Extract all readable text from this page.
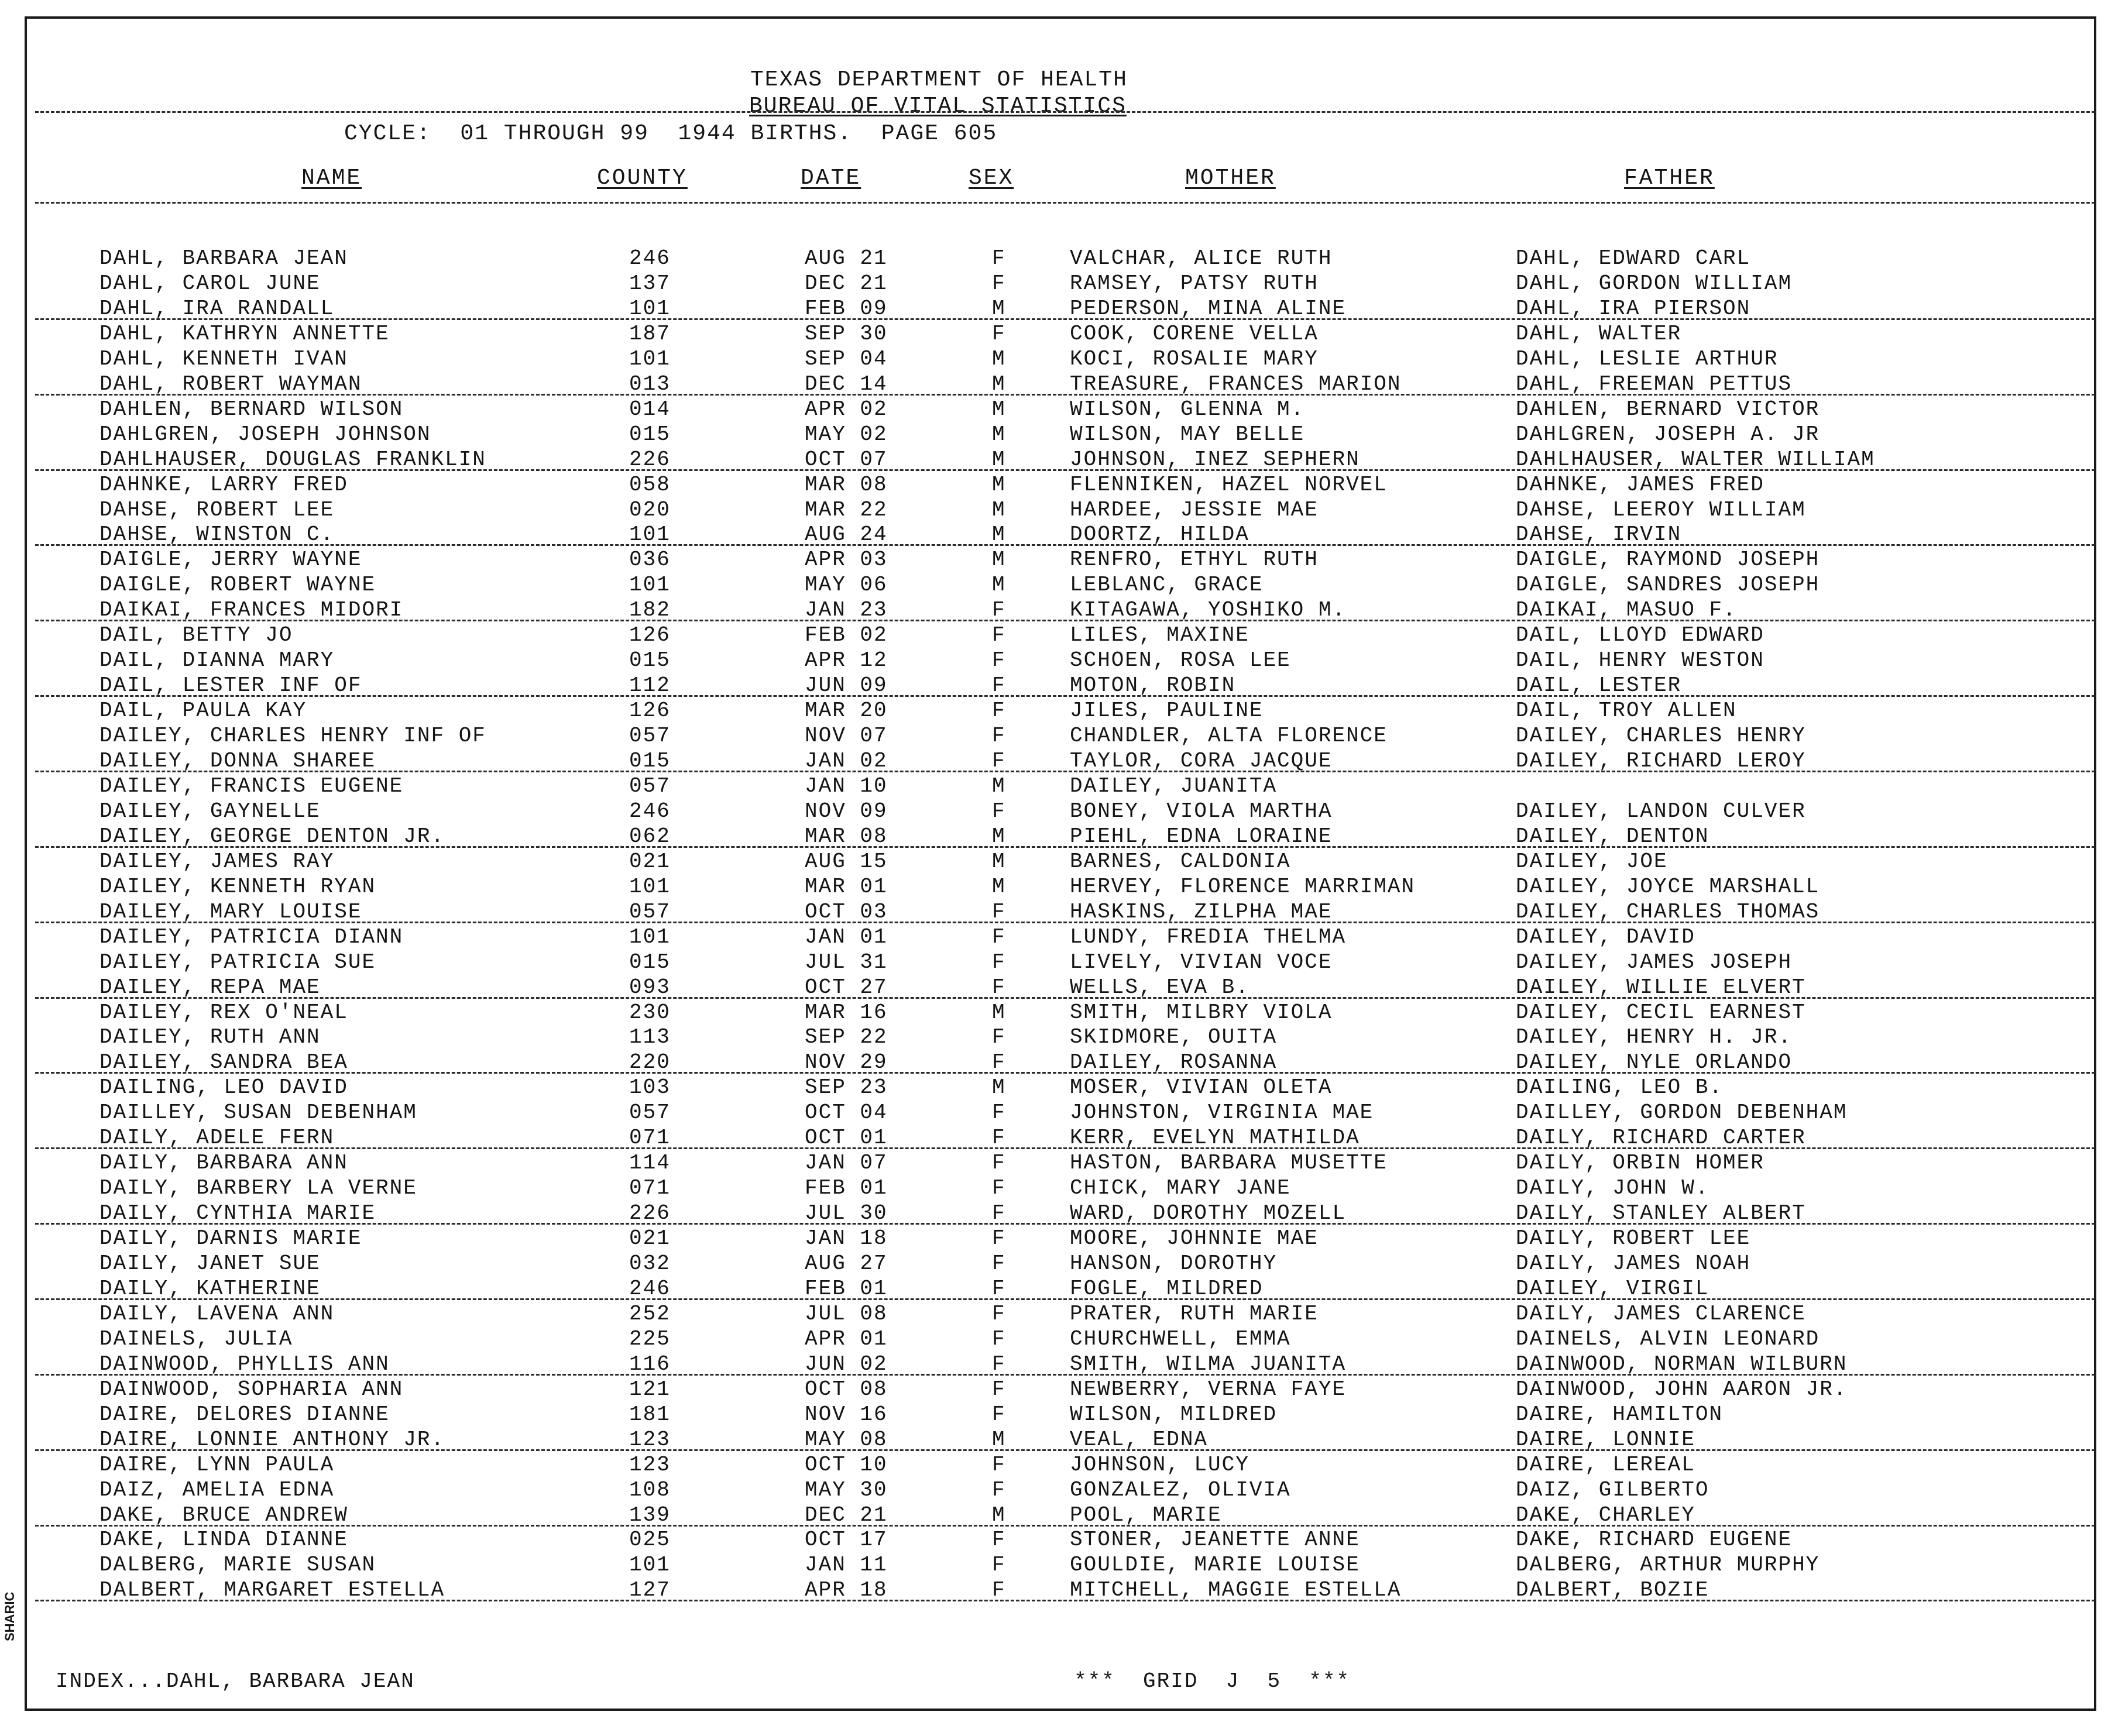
TEXAS DEPARTMENT OF HEALTH
BUREAU OF VITAL STATISTICS
CYCLE:  01 THROUGH 99  1944 BIRTHS.  PAGE 605
NAME	COUNTY	DATE	SEX	MOTHER	FATHER
DAHL, BARBARA JEAN	246	AUG 21	F	VALCHAR, ALICE RUTH	DAHL, EDWARD CARL
DAHL, CAROL JUNE	137	DEC 21	F	RAMSEY, PATSY RUTH	DAHL, GORDON WILLIAM
DAHL, IRA RANDALL	101	FEB 09	M	PEDERSON, MINA ALINE	DAHL, IRA PIERSON
DAHL, KATHRYN ANNETTE	187	SEP 30	F	COOK, CORENE VELLA	DAHL, WALTER
DAHL, KENNETH IVAN	101	SEP 04	M	KOCI, ROSALIE MARY	DAHL, LESLIE ARTHUR
DAHL, ROBERT WAYMAN	013	DEC 14	M	TREASURE, FRANCES MARION	DAHL, FREEMAN PETTUS
DAHLEN, BERNARD WILSON	014	APR 02	M	WILSON, GLENNA M.	DAHLEN, BERNARD VICTOR
DAHLGREN, JOSEPH JOHNSON	015	MAY 02	M	WILSON, MAY BELLE	DAHLGREN, JOSEPH A. JR
DAHLHAUSER, DOUGLAS FRANKLIN	226	OCT 07	M	JOHNSON, INEZ SEPHERN	DAHLHAUSER, WALTER WILLIAM
DAHNKE, LARRY FRED	058	MAR 08	M	FLENNIKEN, HAZEL NORVEL	DAHNKE, JAMES FRED
DAHSE, ROBERT LEE	020	MAR 22	M	HARDEE, JESSIE MAE	DAHSE, LEEROY WILLIAM
DAHSE, WINSTON C.	101	AUG 24	M	DOORTZ, HILDA	DAHSE, IRVIN
DAIGLE, JERRY WAYNE	036	APR 03	M	RENFRO, ETHYL RUTH	DAIGLE, RAYMOND JOSEPH
DAIGLE, ROBERT WAYNE	101	MAY 06	M	LEBLANC, GRACE	DAIGLE, SANDRES JOSEPH
DAIKAI, FRANCES MIDORI	182	JAN 23	F	KITAGAWA, YOSHIKO M.	DAIKAI, MASUO F.
DAIL, BETTY JO	126	FEB 02	F	LILES, MAXINE	DAIL, LLOYD EDWARD
DAIL, DIANNA MARY	015	APR 12	F	SCHOEN, ROSA LEE	DAIL, HENRY WESTON
DAIL, LESTER INF OF	112	JUN 09	F	MOTON, ROBIN	DAIL, LESTER
DAIL, PAULA KAY	126	MAR 20	F	JILES, PAULINE	DAIL, TROY ALLEN
DAILEY, CHARLES HENRY INF OF	057	NOV 07	F	CHANDLER, ALTA FLORENCE	DAILEY, CHARLES HENRY
DAILEY, DONNA SHAREE	015	JAN 02	F	TAYLOR, CORA JACQUE	DAILEY, RICHARD LEROY
DAILEY, FRANCIS EUGENE	057	JAN 10	M	DAILEY, JUANITA
DAILEY, GAYNELLE	246	NOV 09	F	BONEY, VIOLA MARTHA	DAILEY, LANDON CULVER
DAILEY, GEORGE DENTON JR.	062	MAR 08	M	PIEHL, EDNA LORAINE	DAILEY, DENTON
DAILEY, JAMES RAY	021	AUG 15	M	BARNES, CALDONIA	DAILEY, JOE
DAILEY, KENNETH RYAN	101	MAR 01	M	HERVEY, FLORENCE MARRIMAN	DAILEY, JOYCE MARSHALL
DAILEY, MARY LOUISE	057	OCT 03	F	HASKINS, ZILPHA MAE	DAILEY, CHARLES THOMAS
DAILEY, PATRICIA DIANN	101	JAN 01	F	LUNDY, FREDIA THELMA	DAILEY, DAVID
DAILEY, PATRICIA SUE	015	JUL 31	F	LIVELY, VIVIAN VOCE	DAILEY, JAMES JOSEPH
DAILEY, REPA MAE	093	OCT 27	F	WELLS, EVA B.	DAILEY, WILLIE ELVERT
DAILEY, REX O'NEAL	230	MAR 16	M	SMITH, MILBRY VIOLA	DAILEY, CECIL EARNEST
DAILEY, RUTH ANN	113	SEP 22	F	SKIDMORE, OUITA	DAILEY, HENRY H. JR.
DAILEY, SANDRA BEA	220	NOV 29	F	DAILEY, ROSANNA	DAILEY, NYLE ORLANDO
DAILING, LEO DAVID	103	SEP 23	M	MOSER, VIVIAN OLETA	DAILING, LEO B.
DAILLEY, SUSAN DEBENHAM	057	OCT 04	F	JOHNSTON, VIRGINIA MAE	DAILLEY, GORDON DEBENHAM
DAILY, ADELE FERN	071	OCT 01	F	KERR, EVELYN MATHILDA	DAILY, RICHARD CARTER
DAILY, BARBARA ANN	114	JAN 07	F	HASTON, BARBARA MUSETTE	DAILY, ORBIN HOMER
DAILY, BARBERY LA VERNE	071	FEB 01	F	CHICK, MARY JANE	DAILY, JOHN W.
DAILY, CYNTHIA MARIE	226	JUL 30	F	WARD, DOROTHY MOZELL	DAILY, STANLEY ALBERT
DAILY, DARNIS MARIE	021	JAN 18	F	MOORE, JOHNNIE MAE	DAILY, ROBERT LEE
DAILY, JANET SUE	032	AUG 27	F	HANSON, DOROTHY	DAILY, JAMES NOAH
DAILY, KATHERINE	246	FEB 01	F	FOGLE, MILDRED	DAILEY, VIRGIL
DAILY, LAVENA ANN	252	JUL 08	F	PRATER, RUTH MARIE	DAILY, JAMES CLARENCE
DAINELS, JULIA	225	APR 01	F	CHURCHWELL, EMMA	DAINELS, ALVIN LEONARD
DAINWOOD, PHYLLIS ANN	116	JUN 02	F	SMITH, WILMA JUANITA	DAINWOOD, NORMAN WILBURN
DAINWOOD, SOPHARIA ANN	121	OCT 08	F	NEWBERRY, VERNA FAYE	DAINWOOD, JOHN AARON JR.
DAIRE, DELORES DIANNE	181	NOV 16	F	WILSON, MILDRED	DAIRE, HAMILTON
DAIRE, LONNIE ANTHONY JR.	123	MAY 08	M	VEAL, EDNA	DAIRE, LONNIE
DAIRE, LYNN PAULA	123	OCT 10	F	JOHNSON, LUCY	DAIRE, LEREAL
DAIZ, AMELIA EDNA	108	MAY 30	F	GONZALEZ, OLIVIA	DAIZ, GILBERTO
DAKE, BRUCE ANDREW	139	DEC 21	M	POOL, MARIE	DAKE, CHARLEY
DAKE, LINDA DIANNE	025	OCT 17	F	STONER, JEANETTE ANNE	DAKE, RICHARD EUGENE
DALBERG, MARIE SUSAN	101	JAN 11	F	GOULDIE, MARIE LOUISE	DALBERG, ARTHUR MURPHY
DALBERT, MARGARET ESTELLA	127	APR 18	F	MITCHELL, MAGGIE ESTELLA	DALBERT, BOZIE
INDEX...DAHL, BARBARA JEAN	***  GRID  J  5  ***
SHARIC
